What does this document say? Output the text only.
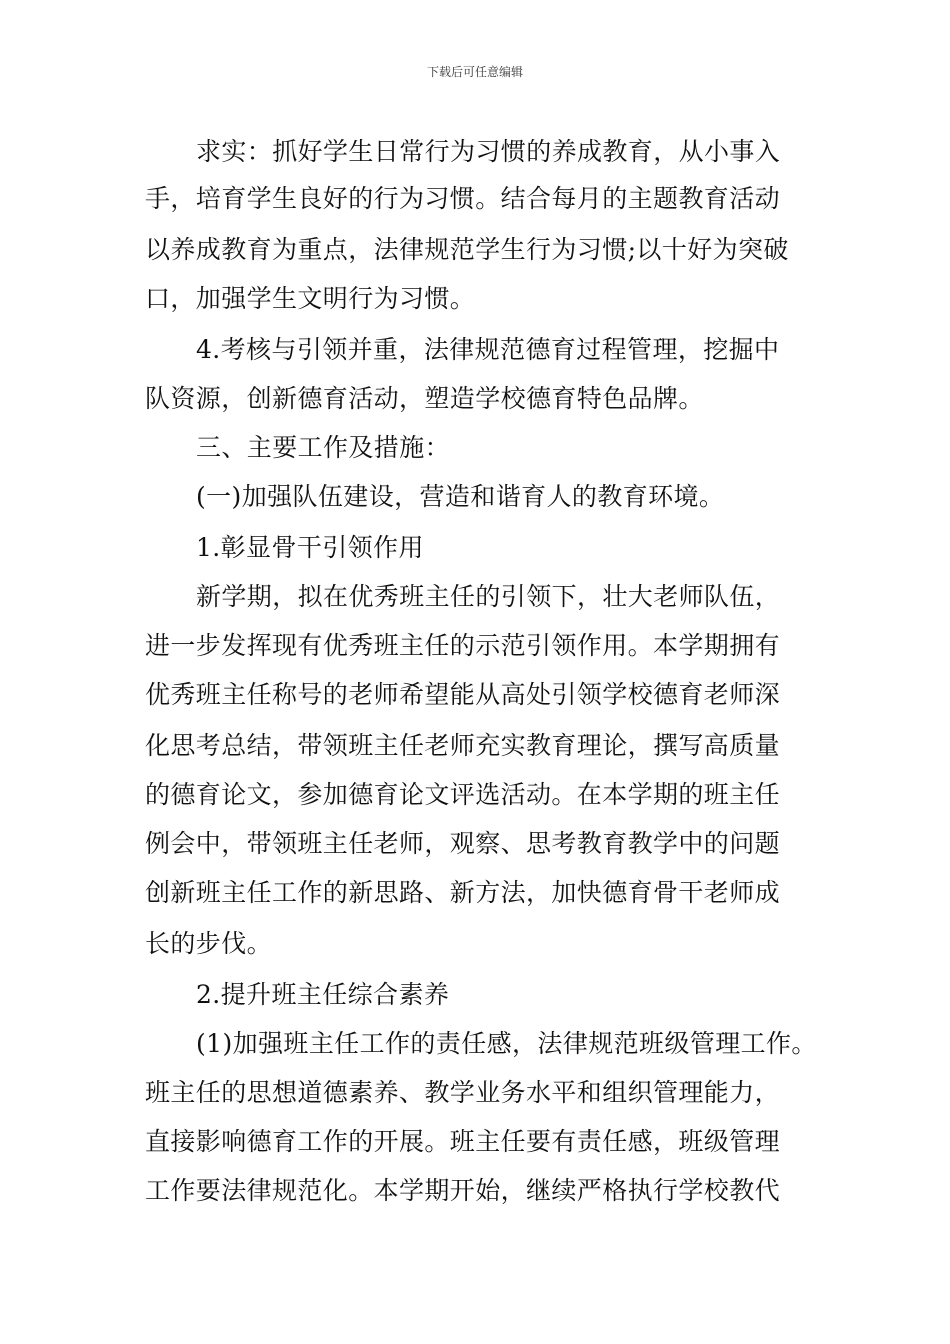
下载后可任意编辑
求实：抓好学生日常行为习惯的养成教育，从小事入
手，培育学生良好的行为习惯。结合每月的主题教育活动
以养成教育为重点，法律规范学生行为习惯;以十好为突破
口，加强学生文明行为习惯。
4.考核与引领并重，法律规范德育过程管理，挖掘中
队资源，创新德育活动，塑造学校德育特色品牌。
三、主要工作及措施：
(一)加强队伍建设，营造和谐育人的教育环境。
1.彰显骨干引领作用
新学期，拟在优秀班主任的引领下，壮大老师队伍，
进一步发挥现有优秀班主任的示范引领作用。本学期拥有
优秀班主任称号的老师希望能从高处引领学校德育老师深
化思考总结，带领班主任老师充实教育理论，撰写高质量
的德育论文，参加德育论文评选活动。在本学期的班主任
例会中，带领班主任老师，观察、思考教育教学中的问题
创新班主任工作的新思路、新方法，加快德育骨干老师成
长的步伐。
2.提升班主任综合素养
(1)加强班主任工作的责任感，法律规范班级管理工作。
班主任的思想道德素养、教学业务水平和组织管理能力，
直接影响德育工作的开展。班主任要有责任感，班级管理
工作要法律规范化。本学期开始，继续严格执行学校教代
